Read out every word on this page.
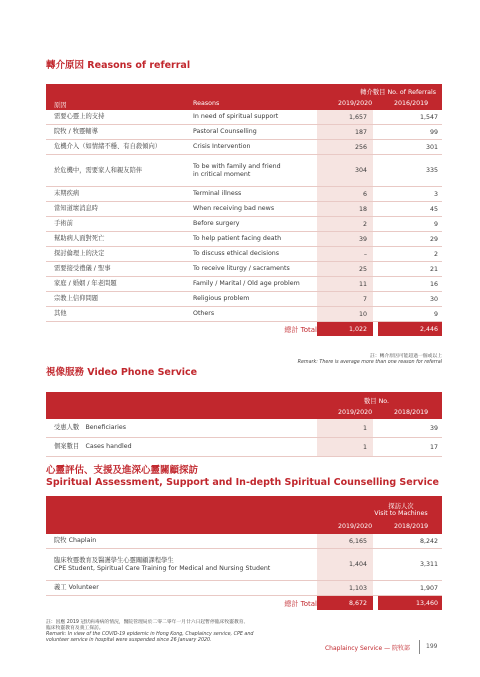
轉介原因 Reasons of referral
原因	Reasons
轉介數目 No. of Referrals
2019/2020	2016/2019
需要心靈上的支持	In need of spiritual support	1,657	1,547
院牧 / 牧靈輔導	Pastoral Counselling	187	99
危機介入（如情緒不穩、有自殺傾向）	Crisis Intervention	256	301
於危機中，需要家人和親友陪伴
To be with family and friend
in critical moment	304	335
末期疾病	Terminal illness	6	3
當知道壞消息時	When receiving bad news	18	45
手術前	Before surgery	2	9
幫助病人面對死亡	To help patient facing death	39	29
探討倫理上的決定	To discuss ethical decisions	–	2
需要接受禮儀 / 聖事	To receive liturgy / sacraments	25	21
家庭 / 婚姻 / 年老問題	Family / Marital / Old age problem	11	16
宗教上信仰問題	Religious problem	7	30
其他	Others	10	9
總計 Total	1,022	2,446
註：轉介原因可能超過一個或以上
Remark: There is average more than one reason for referral
視像服務 Video Phone Service
數目 No.
2019/2020	2018/2019
受惠人數　Beneficiaries	1	39
個案數目　Cases handled	1	17
心靈評估、支援及進深心靈關顧探訪
Spiritual Assessment, Support and In-depth Spiritual Counselling Service
探訪人次
Visit to Machines
2019/2020	2018/2019
院牧 Chaplain	6,165	8,242
臨床牧靈教育及醫護學生心靈關顧課程學生
CPE Student, Spiritual Care Training for Medical and Nursing Student	1,404	3,311
義工 Volunteer	1,103	1,907
總計 Total	8,672	13,460
註：因應 2019 冠狀病毒病的情況，醫院管理局於二零二零年一月廿六日起暫停臨床牧靈教育、
臨床牧靈教育及義工探訪。
Remark: In view of the COVID-19 epidemic in Hong Kong, Chaplaincy service, CPE and
volunteer service in hospital were suspended since 26 January 2020.
Chaplaincy Service — 院牧部	199
